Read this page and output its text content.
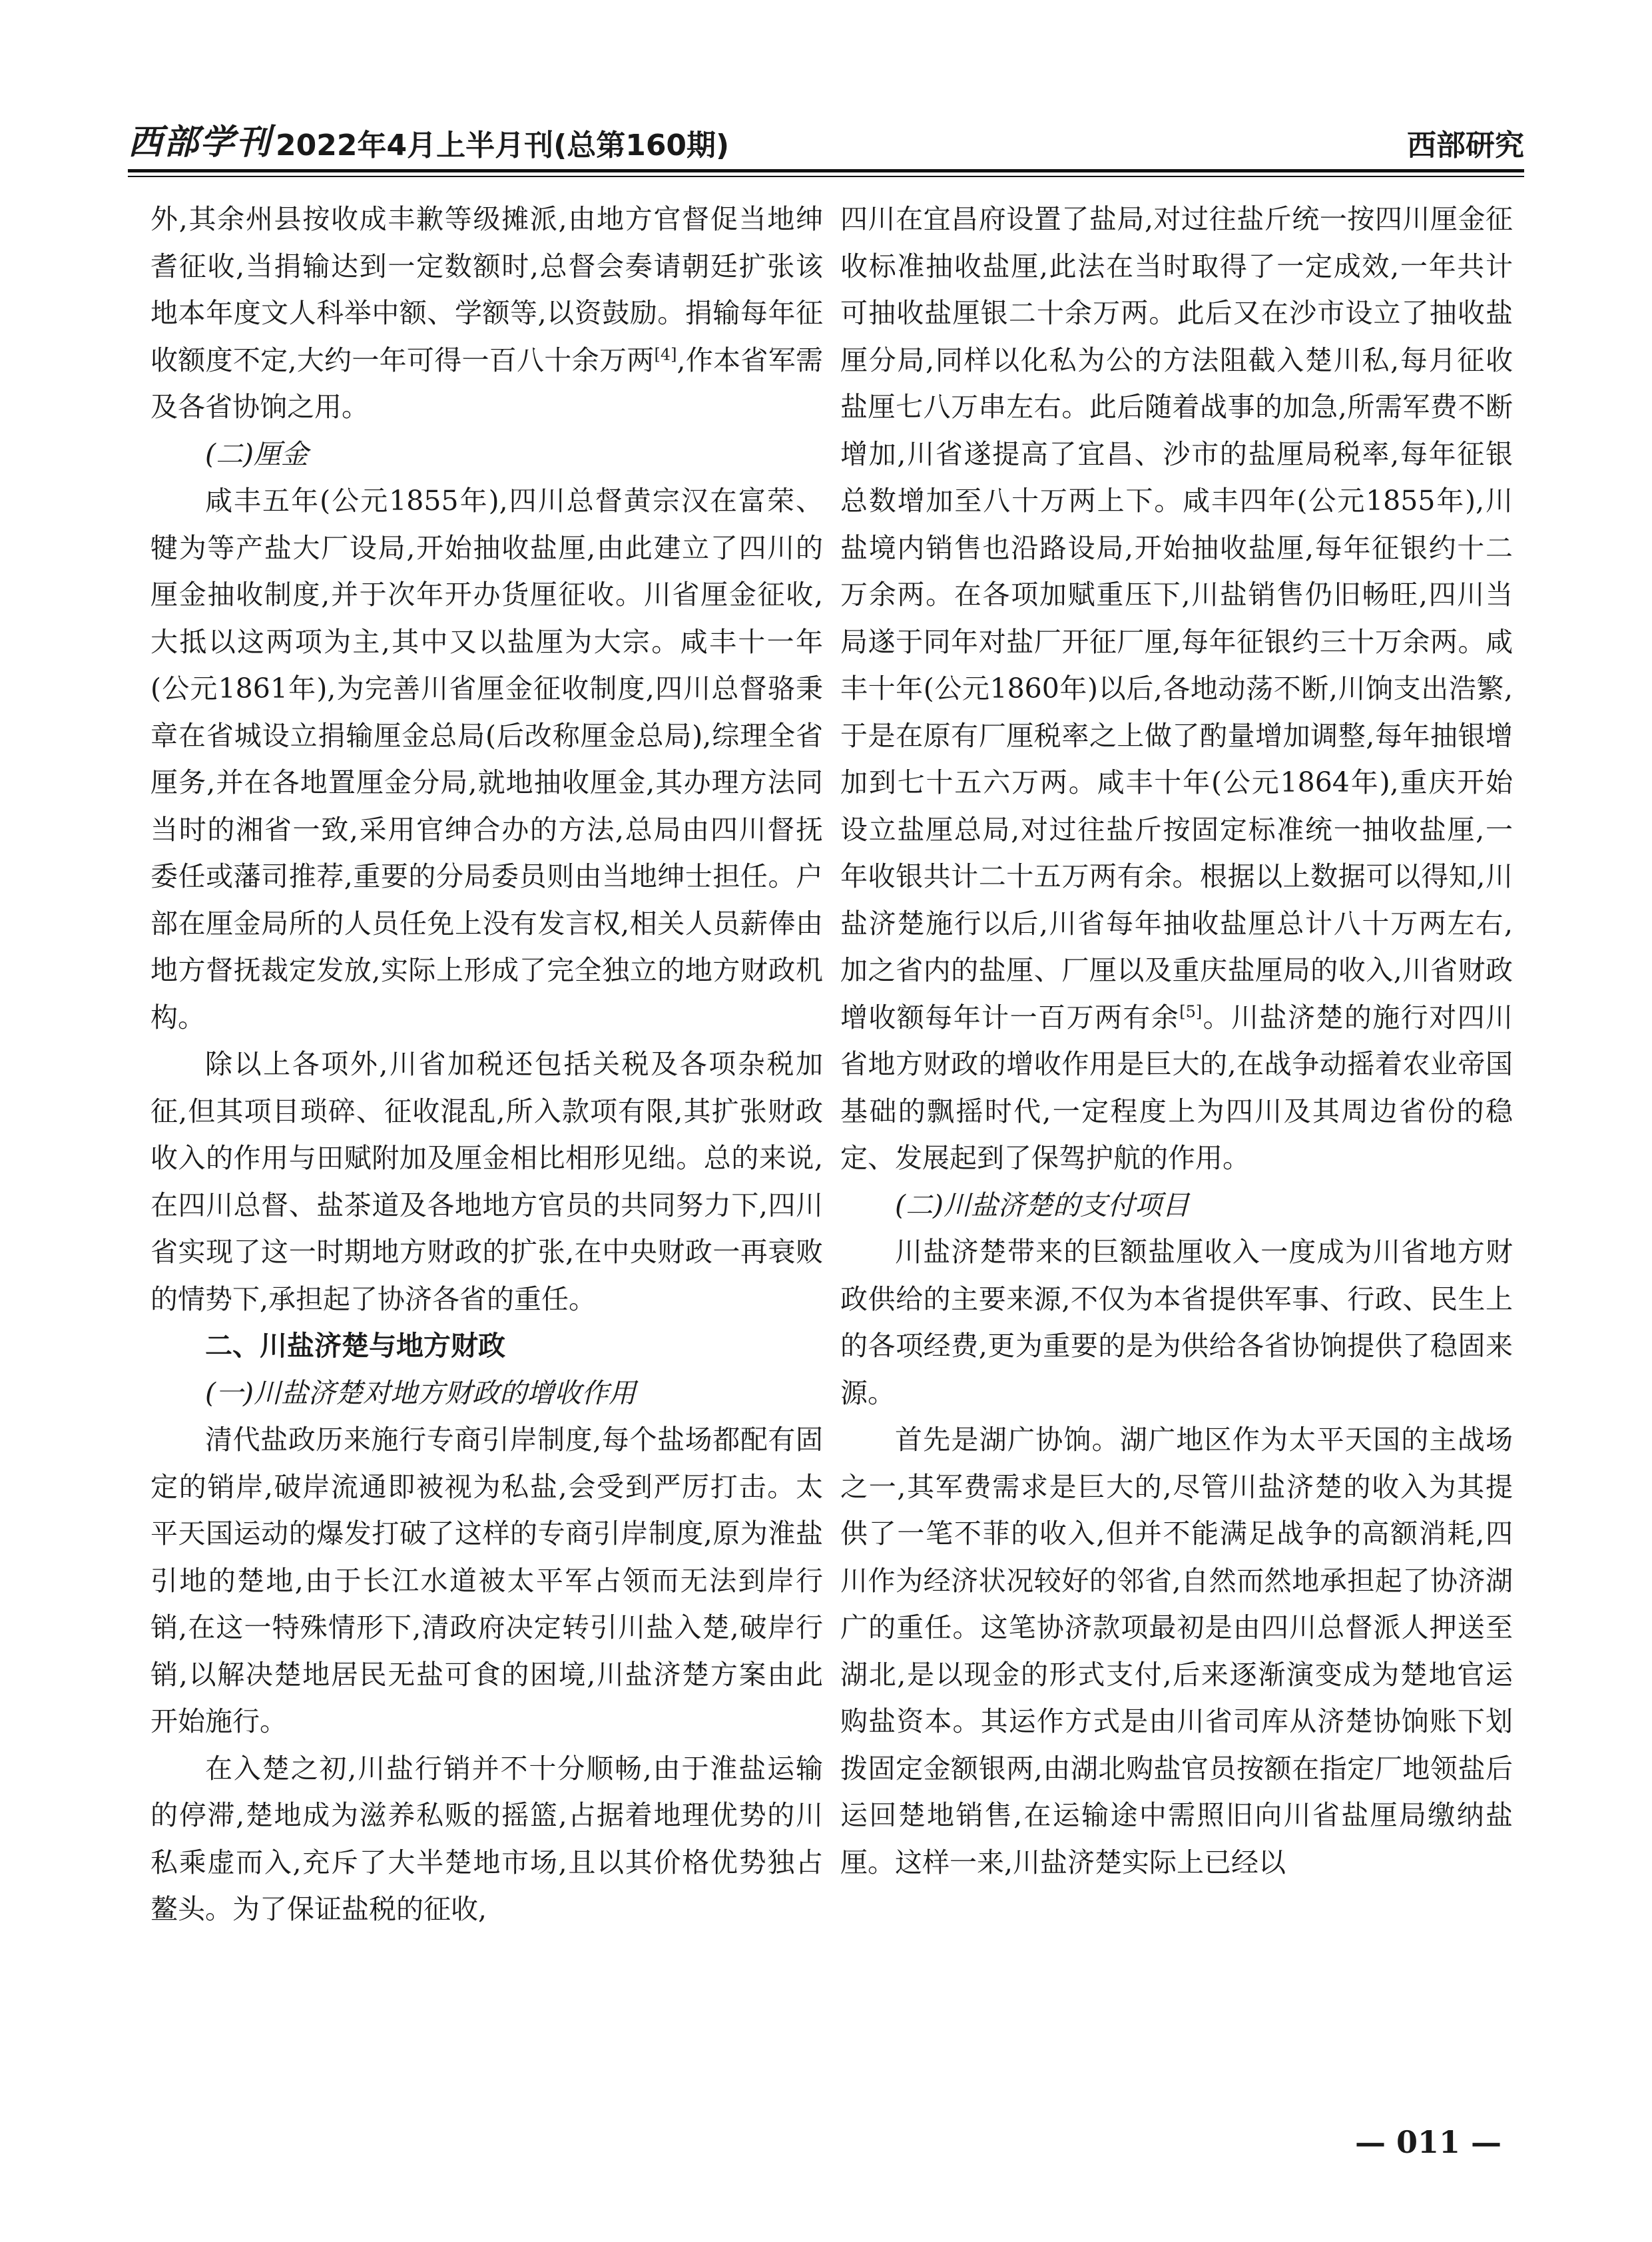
西部学刊 2022年4月上半月刊(总第160期)	西部研究

外,其余州县按收成丰歉等级摊派,由地方官督促当地绅耆征收,当捐输达到一定数额时,总督会奏请朝廷扩张该地本年度文人科举中额、学额等,以资鼓励。捐输每年征收额度不定,大约一年可得一百八十余万两[4],作本省军需及各省协饷之用。

(二)厘金

咸丰五年(公元1855年),四川总督黄宗汉在富荣、犍为等产盐大厂设局,开始抽收盐厘,由此建立了四川的厘金抽收制度,并于次年开办货厘征收。川省厘金征收,大抵以这两项为主,其中又以盐厘为大宗。咸丰十一年(公元1861年),为完善川省厘金征收制度,四川总督骆秉章在省城设立捐输厘金总局(后改称厘金总局),综理全省厘务,并在各地置厘金分局,就地抽收厘金,其办理方法同当时的湘省一致,采用官绅合办的方法,总局由四川督抚委任或藩司推荐,重要的分局委员则由当地绅士担任。户部在厘金局所的人员任免上没有发言权,相关人员薪俸由地方督抚裁定发放,实际上形成了完全独立的地方财政机构。

除以上各项外,川省加税还包括关税及各项杂税加征,但其项目琐碎、征收混乱,所入款项有限,其扩张财政收入的作用与田赋附加及厘金相比相形见绌。总的来说,在四川总督、盐茶道及各地地方官员的共同努力下,四川省实现了这一时期地方财政的扩张,在中央财政一再衰败的情势下,承担起了协济各省的重任。

二、川盐济楚与地方财政

(一)川盐济楚对地方财政的增收作用

清代盐政历来施行专商引岸制度,每个盐场都配有固定的销岸,破岸流通即被视为私盐,会受到严厉打击。太平天国运动的爆发打破了这样的专商引岸制度,原为淮盐引地的楚地,由于长江水道被太平军占领而无法到岸行销,在这一特殊情形下,清政府决定转引川盐入楚,破岸行销,以解决楚地居民无盐可食的困境,川盐济楚方案由此开始施行。

在入楚之初,川盐行销并不十分顺畅,由于淮盐运输的停滞,楚地成为滋养私贩的摇篮,占据着地理优势的川私乘虚而入,充斥了大半楚地市场,且以其价格优势独占鳌头。为了保证盐税的征收,

四川在宜昌府设置了盐局,对过往盐斤统一按四川厘金征收标准抽收盐厘,此法在当时取得了一定成效,一年共计可抽收盐厘银二十余万两。此后又在沙市设立了抽收盐厘分局,同样以化私为公的方法阻截入楚川私,每月征收盐厘七八万串左右。此后随着战事的加急,所需军费不断增加,川省遂提高了宜昌、沙市的盐厘局税率,每年征银总数增加至八十万两上下。咸丰四年(公元1855年),川盐境内销售也沿路设局,开始抽收盐厘,每年征银约十二万余两。在各项加赋重压下,川盐销售仍旧畅旺,四川当局遂于同年对盐厂开征厂厘,每年征银约三十万余两。咸丰十年(公元1860年)以后,各地动荡不断,川饷支出浩繁,于是在原有厂厘税率之上做了酌量增加调整,每年抽银增加到七十五六万两。咸丰十年(公元1864年),重庆开始设立盐厘总局,对过往盐斤按固定标准统一抽收盐厘,一年收银共计二十五万两有余。根据以上数据可以得知,川盐济楚施行以后,川省每年抽收盐厘总计八十万两左右,加之省内的盐厘、厂厘以及重庆盐厘局的收入,川省财政增收额每年计一百万两有余[5]。川盐济楚的施行对四川省地方财政的增收作用是巨大的,在战争动摇着农业帝国基础的飘摇时代,一定程度上为四川及其周边省份的稳定、发展起到了保驾护航的作用。

(二)川盐济楚的支付项目

川盐济楚带来的巨额盐厘收入一度成为川省地方财政供给的主要来源,不仅为本省提供军事、行政、民生上的各项经费,更为重要的是为供给各省协饷提供了稳固来源。

首先是湖广协饷。湖广地区作为太平天国的主战场之一,其军费需求是巨大的,尽管川盐济楚的收入为其提供了一笔不菲的收入,但并不能满足战争的高额消耗,四川作为经济状况较好的邻省,自然而然地承担起了协济湖广的重任。这笔协济款项最初是由四川总督派人押送至湖北,是以现金的形式支付,后来逐渐演变成为楚地官运购盐资本。其运作方式是由川省司库从济楚协饷账下划拨固定金额银两,由湖北购盐官员按额在指定厂地领盐后运回楚地销售,在运输途中需照旧向川省盐厘局缴纳盐厘。这样一来,川盐济楚实际上已经以

— 011 —
